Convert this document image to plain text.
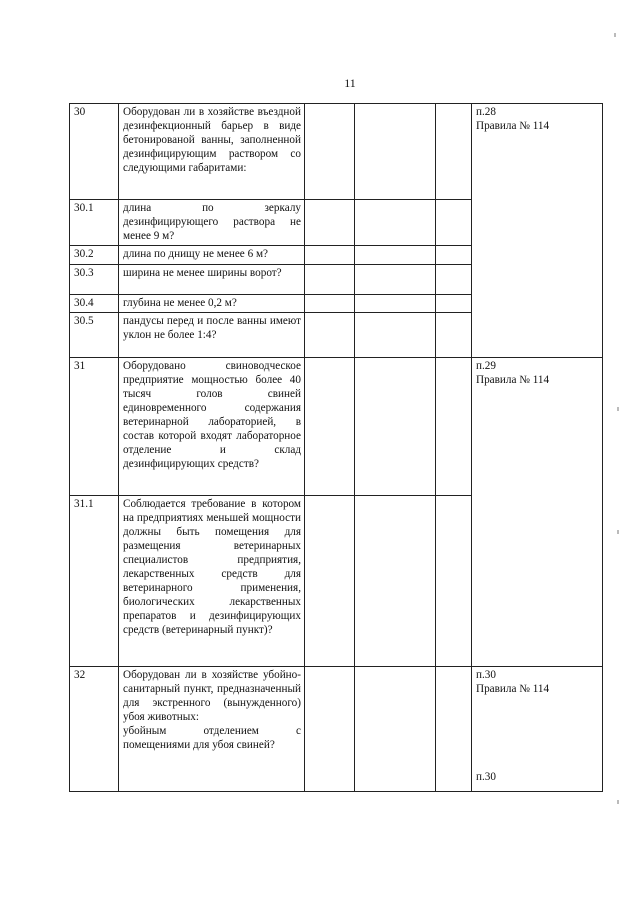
11
30	Оборудован ли в хозяйстве въездной дезинфекционный барьер в виде бетонированой ванны, заполненной дезинфицирующим раствором со следующими габаритами:				п.28
Правила № 114

30.1	длина по зеркалу дезинфицирующего раствора не менее 9 м?				
30.2	длина по днищу не менее 6 м?				
30.3	ширина не менее ширины ворот?				
30.4	глубина не менее 0,2 м?				
30.5	пандусы перед и после ванны имеют уклон не более 1:4?				
31	Оборудовано свиноводческое предприятие мощностью более 40 тысяч голов свиней единовременного содержания ветеринарной лабораторией, в состав которой входят лабораторное отделение и склад дезинфицирующих средств?				п.29
Правила № 114

31.1	Соблюдается требование в котором на предприятиях меньшей мощности должны быть помещения для размещения ветеринарных специалистов предприятия, лекарственных средств для ветеринарного применения, биологических лекарственных препаратов и дезинфицирующих средств (ветеринарный пункт)?				
32	Оборудован ли в хозяйстве убойно-санитарный пункт, предназначенный для экстренного (вынужденного) убоя животных:
убойным отделением с помещениями для убоя свиней?				п.30
Правила № 114
п.30
